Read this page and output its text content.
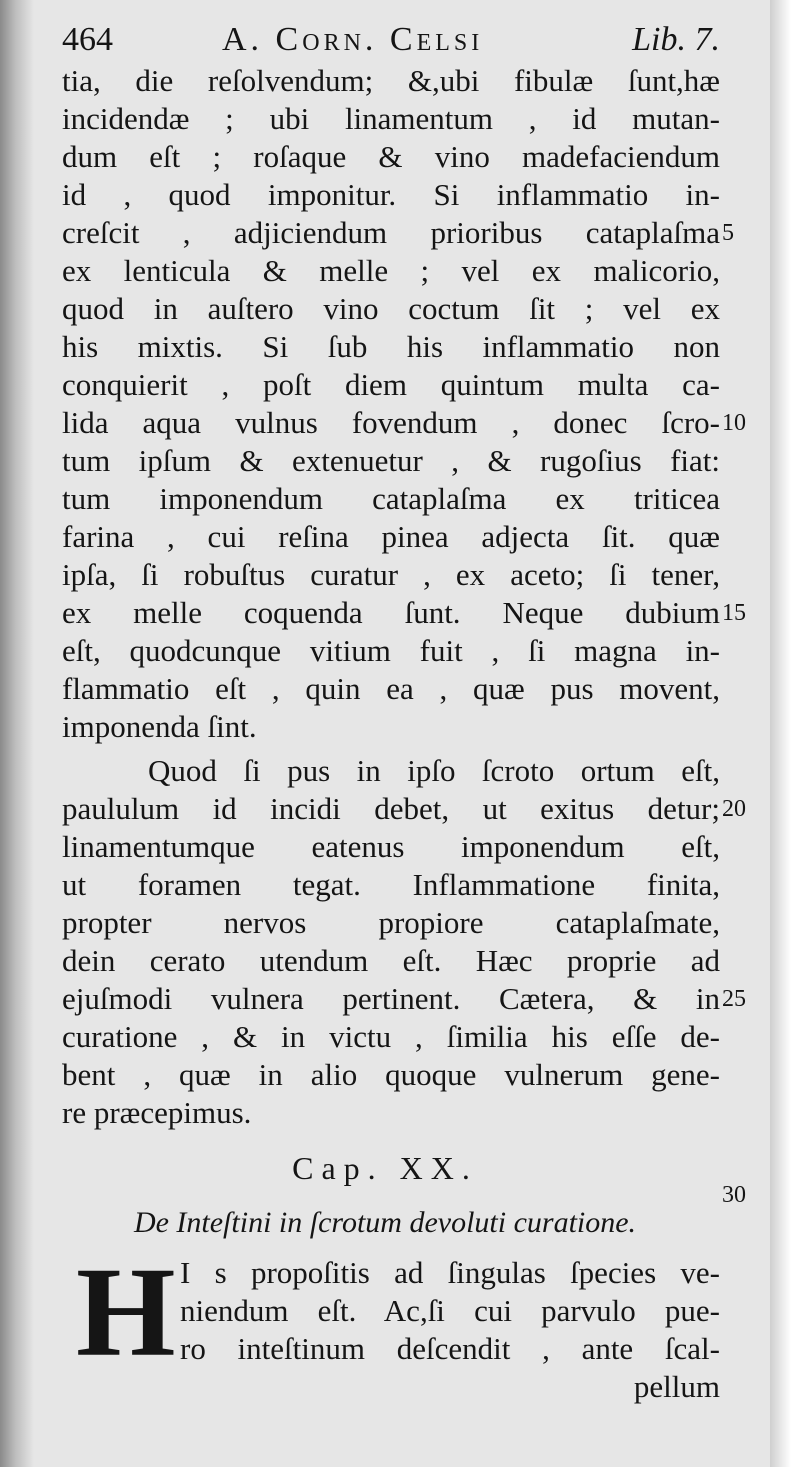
464	A. Corn. Celsi	Lib. 7.
tia, die reſolvendum; &,ubi fibulæ ſunt,hæ
incidendæ ; ubi linamentum , id mutan-
dum eſt ; roſaque & vino madefaciendum
id , quod imponitur. Si inflammatio in-
creſcit , adjiciendum prioribus cataplaſma
ex lenticula & melle ; vel ex malicorio,
quod in auſtero vino coctum ſit ; vel ex
his mixtis. Si ſub his inflammatio non
conquierit , poſt diem quintum multa ca-
lida aqua vulnus fovendum , donec ſcro-
tum ipſum & extenuetur , & rugoſius fiat:
tum imponendum cataplaſma ex triticea
farina , cui reſina pinea adjecta ſit. quæ
ipſa, ſi robuſtus curatur , ex aceto; ſi tener,
ex melle coquenda ſunt. Neque dubium
eſt, quodcunque vitium fuit , ſi magna in-
flammatio eſt , quin ea , quæ pus movent,
imponenda ſint.
Quod ſi pus in ipſo ſcroto ortum eſt,
paululum id incidi debet, ut exitus detur;
linamentumque eatenus imponendum eſt,
ut foramen tegat. Inflammatione finita,
propter nervos propiore cataplaſmate,
dein cerato utendum eſt. Hæc proprie ad
ejuſmodi vulnera pertinent. Cætera, & in
curatione , & in victu , ſimilia his eſſe de-
bent , quæ in alio quoque vulnerum gene-
re præcepimus.
5
10
15
20
25
30
Cap. XX.
De Inteſtini in ſcrotum devoluti curatione.
H I s propoſitis ad ſingulas ſpecies ve-
niendum eſt. Ac,ſi cui parvulo pue-
ro inteſtinum deſcendit , ante ſcal-
pellum
